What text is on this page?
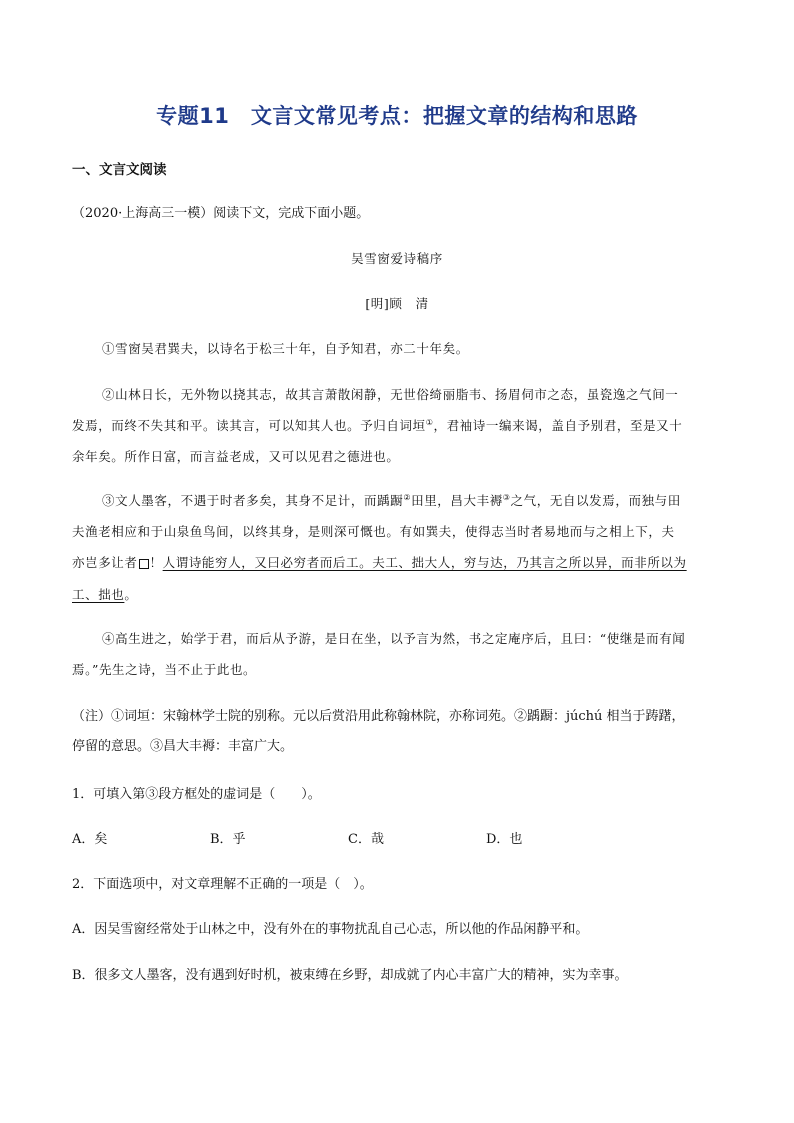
专题11　文言文常见考点：把握文章的结构和思路
一、文言文阅读
（2020·上海高三一模）阅读下文，完成下面小题。
吴雪窗爱诗稿序
[明]顾　清
①雪窗吴君巽夫，以诗名于松三十年，自予知君，亦二十年矣。
②山林日长，无外物以挠其志，故其言萧散闲静，无世俗绮丽脂韦、扬眉伺市之态，虽瓷逸之气间一
发焉，而终不失其和平。读其言，可以知其人也。予归自词垣①，君袖诗一编来谒，盖自予别君，至是又十
余年矣。所作日富，而言益老成，又可以见君之德进也。
③文人墨客，不遇于时者多矣，其身不足计，而踽蹰②田里，昌大丰褥③之气，无自以发焉，而独与田
夫渔老相应和于山泉鱼鸟间，以终其身，是则深可慨也。有如巽夫，使得志当时者易地而与之相上下，夫
亦岂多让者 ！人谓诗能穷人，又曰必穷者而后工。夫工、拙大人，穷与达，乃其言之所以异，而非所以为
工、拙也。
④高生进之，始学于君，而后从予游，是日在坐，以予言为然，书之定庵序后，且曰：“使继是而有闻
焉。”先生之诗，当不止于此也。
（注）①词垣：宋翰林学士院的别称。元以后赏沿用此称翰林院，亦称词苑。②踽蹰：júchú 相当于踌躇，
停留的意思。③昌大丰褥：丰富广大。
1．可填入第③段方框处的虚词是（　　）。
A．矣	B．乎	C．哉	D．也
2．下面选项中，对文章理解不正确的一项是（　）。
A．因吴雪窗经常处于山林之中，没有外在的事物扰乱自己心志，所以他的作品闲静平和。
B．很多文人墨客，没有遇到好时机，被束缚在乡野，却成就了内心丰富广大的精神，实为幸事。
